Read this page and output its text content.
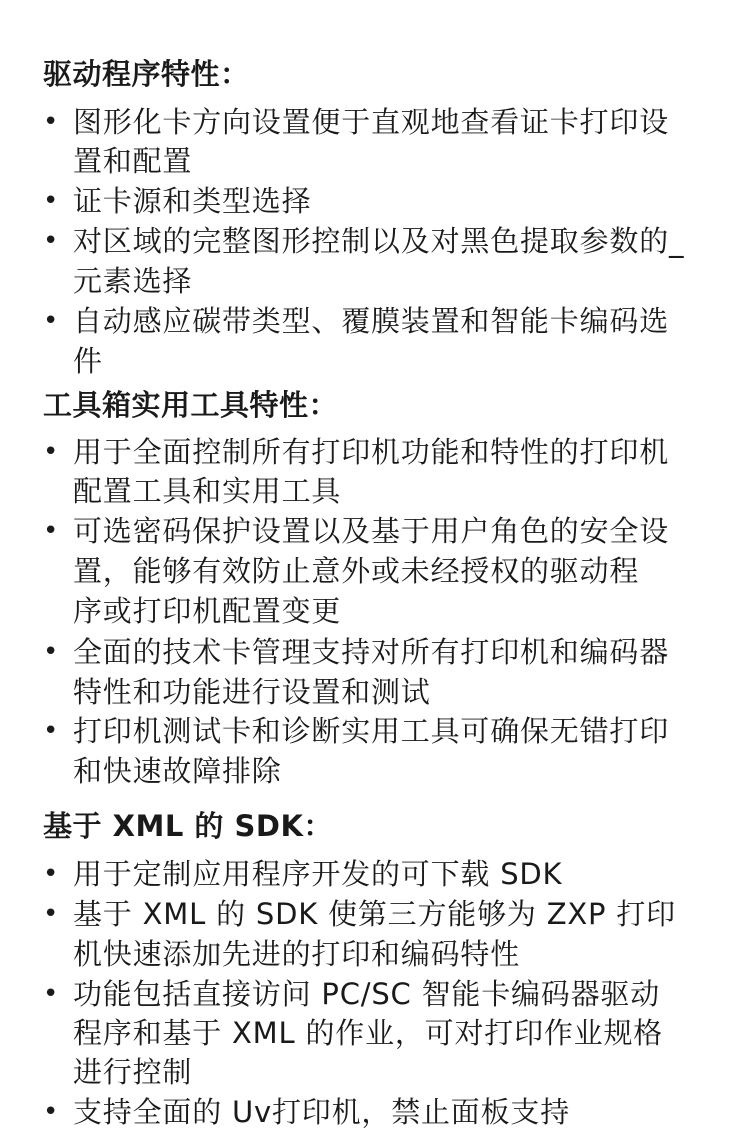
驱动程序特性：
• 图形化卡方向设置便于直观地查看证卡打印设
置和配置
• 证卡源和类型选择
• 对区域的完整图形控制以及对黑色提取参数的_
元素选择
• 自动感应碳带类型、覆膜装置和智能卡编码选
件
工具箱实用工具特性：
• 用于全面控制所有打印机功能和特性的打印机
配置工具和实用工具
• 可选密码保护设置以及基于用户角色的安全设
置，能够有效防止意外或未经授权的驱动程
序或打印机配置变更
• 全面的技术卡管理支持对所有打印机和编码器
特性和功能进行设置和测试
• 打印机测试卡和诊断实用工具可确保无错打印
和快速故障排除
基于 XML 的 SDK：
• 用于定制应用程序开发的可下载 SDK
• 基于 XML 的 SDK 使第三方能够为 ZXP 打印
机快速添加先进的打印和编码特性
• 功能包括直接访问 PC/SC 智能卡编码器驱动
程序和基于 XML 的作业，可对打印作业规格
进行控制
• 支持全面的 Uv打印机，禁止面板支持
